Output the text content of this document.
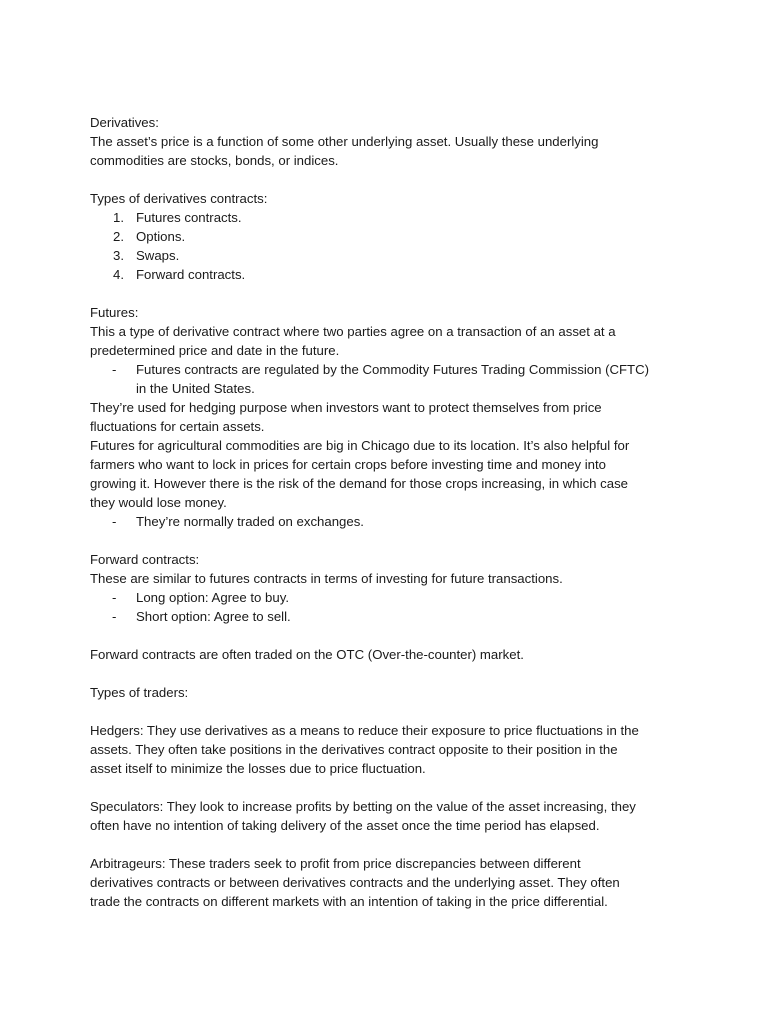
Derivatives:
The asset’s price is a function of some other underlying asset. Usually these underlying
commodities are stocks, bonds, or indices.
Types of derivatives contracts:
1. Futures contracts.
2. Options.
3. Swaps.
4. Forward contracts.
Futures:
This a type of derivative contract where two parties agree on a transaction of an asset at a
predetermined price and date in the future.
-	Futures contracts are regulated by the Commodity Futures Trading Commission (CFTC)
in the United States.
They’re used for hedging purpose when investors want to protect themselves from price
fluctuations for certain assets.
Futures for agricultural commodities are big in Chicago due to its location. It’s also helpful for
farmers who want to lock in prices for certain crops before investing time and money into
growing it. However there is the risk of the demand for those crops increasing, in which case
they would lose money.
-	They’re normally traded on exchanges.
Forward contracts:
These are similar to futures contracts in terms of investing for future transactions.
-	Long option: Agree to buy.
-	Short option: Agree to sell.
Forward contracts are often traded on the OTC (Over-the-counter) market.
Types of traders:
Hedgers: They use derivatives as a means to reduce their exposure to price fluctuations in the
assets. They often take positions in the derivatives contract opposite to their position in the
asset itself to minimize the losses due to price fluctuation.
Speculators: They look to increase profits by betting on the value of the asset increasing, they
often have no intention of taking delivery of the asset once the time period has elapsed.
Arbitrageurs: These traders seek to profit from price discrepancies between different
derivatives contracts or between derivatives contracts and the underlying asset. They often
trade the contracts on different markets with an intention of taking in the price differential.
